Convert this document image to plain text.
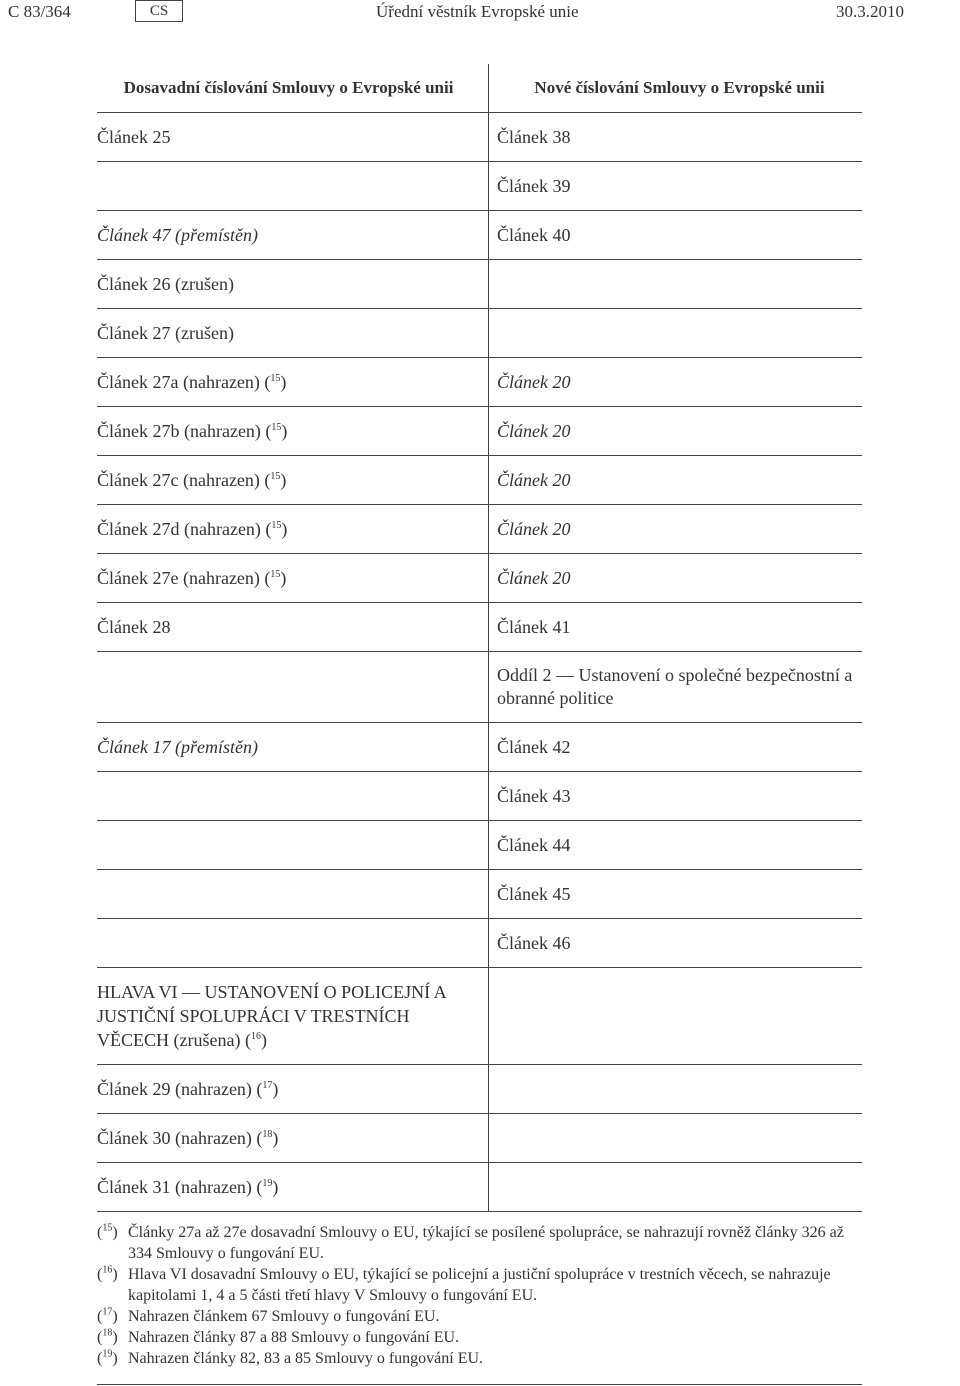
C 83/364	CS	Úřední věstník Evropské unie	30.3.2010
Dosavadní číslování Smlouvy o Evropské unii	Nové číslování Smlouvy o Evropské unii
Článek 25	Článek 38
	Článek 39
Článek 47 (přemístěn)	Článek 40
Článek 26 (zrušen)	
Článek 27 (zrušen)	
Článek 27a (nahrazen) ($^{15}$)	Článek 20
Článek 27b (nahrazen) ($^{15}$)	Článek 20
Článek 27c (nahrazen) ($^{15}$)	Článek 20
Článek 27d (nahrazen) ($^{15}$)	Článek 20
Článek 27e (nahrazen) ($^{15}$)	Článek 20
Článek 28	Článek 41
	Oddíl 2 — Ustanovení o společné bezpečnostní a obranné politice
Článek 17 (přemístěn)	Článek 42
	Článek 43
	Článek 44
	Článek 45
	Článek 46
HLAVA VI — USTANOVENÍ O POLICEJNÍ A JUSTIČNÍ SPOLUPRÁCI V TRESTNÍCH VĚCECH (zrušena) ($^{16}$)	
Článek 29 (nahrazen) ($^{17}$)	
Článek 30 (nahrazen) ($^{18}$)	
Článek 31 (nahrazen) ($^{19}$)	
($^{15}$) Články 27a až 27e dosavadní Smlouvy o EU, týkající se posílené spolupráce, se nahrazují rovněž články 326 až 334 Smlouvy o fungování EU.
($^{16}$) Hlava VI dosavadní Smlouvy o EU, týkající se policejní a justiční spolupráce v trestních věcech, se nahrazuje kapitolami 1, 4 a 5 části třetí hlavy V Smlouvy o fungování EU.
($^{17}$) Nahrazen článkem 67 Smlouvy o fungování EU.
($^{18}$) Nahrazen články 87 a 88 Smlouvy o fungování EU.
($^{19}$) Nahrazen články 82, 83 a 85 Smlouvy o fungování EU.
